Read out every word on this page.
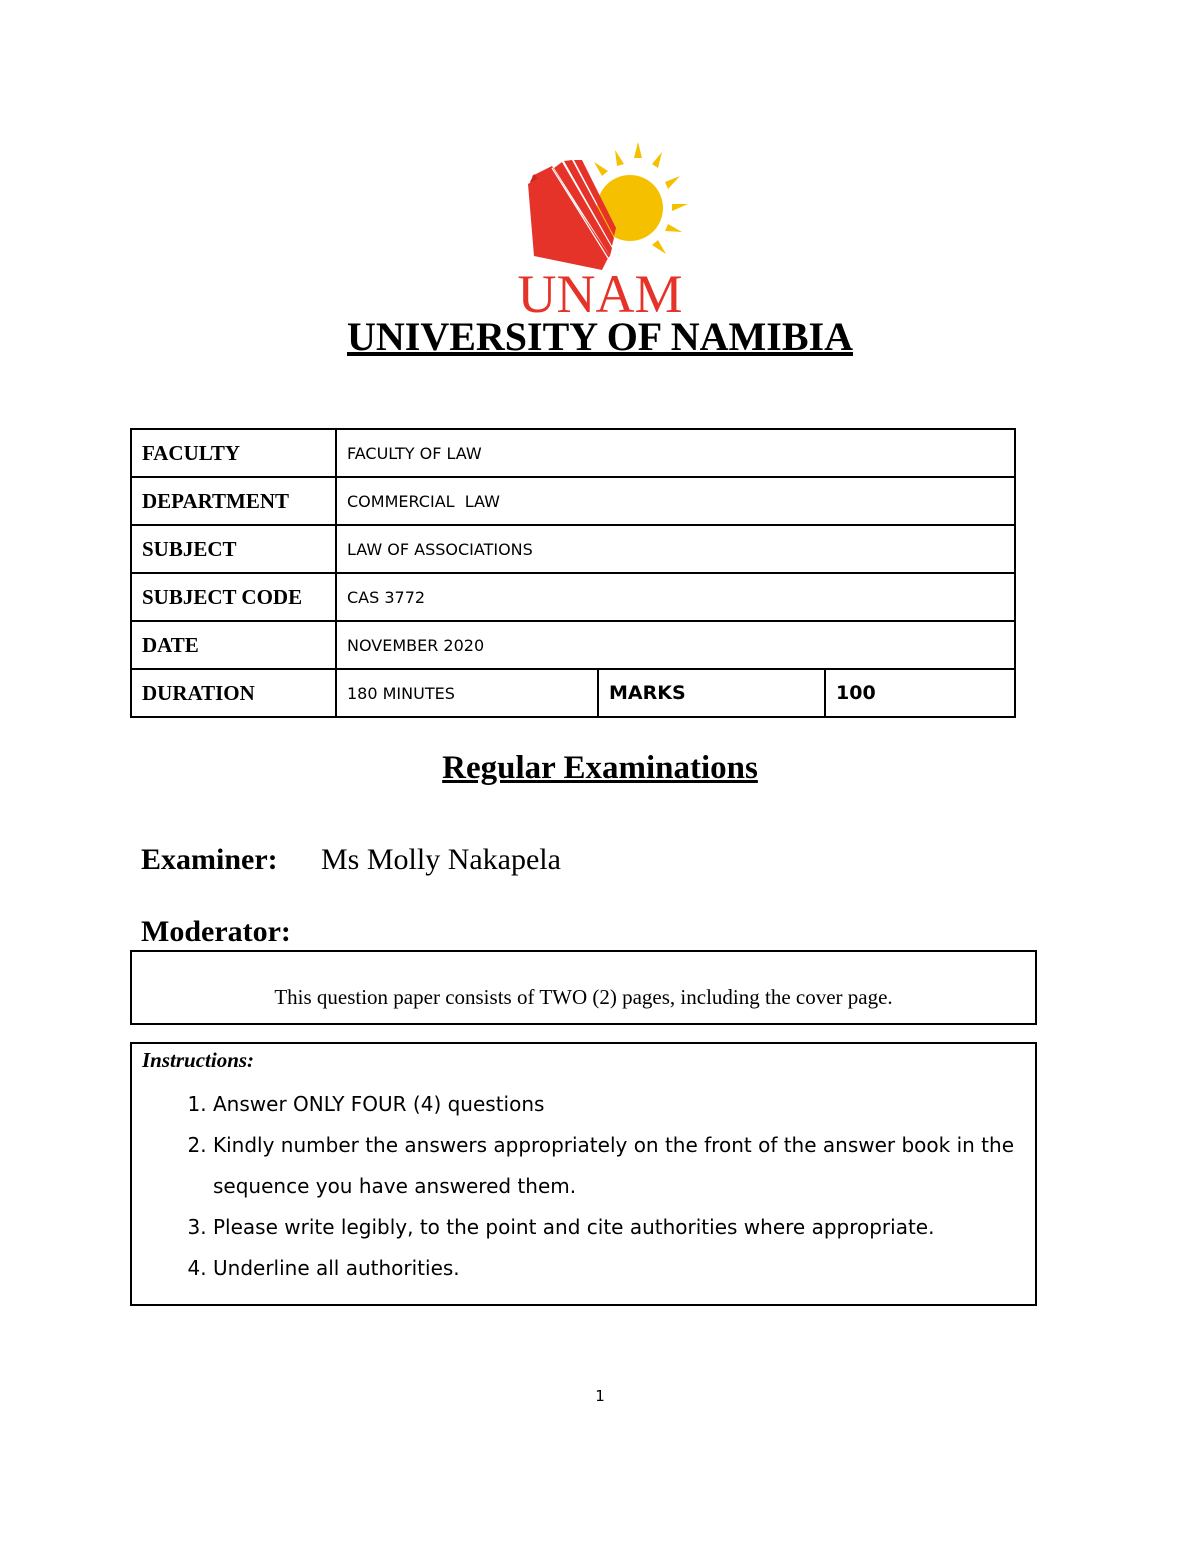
UNAM
UNIVERSITY OF NAMIBIA
FACULTY	FACULTY OF LAW		
DEPARTMENT	COMMERCIAL  LAW		
SUBJECT	LAW OF ASSOCIATIONS		
SUBJECT CODE	CAS 3772		
DATE	NOVEMBER 2020		
DURATION	180 MINUTES	MARKS	100
Regular Examinations
Examiner: Ms Molly Nakapela
Moderator:
This question paper consists of TWO (2) pages, including the cover page.
Instructions:
1. Answer ONLY FOUR (4) questions
2. Kindly number the answers appropriately on the front of the answer book in the sequence you have answered them.
3. Please write legibly, to the point and cite authorities where appropriate.
4. Underline all authorities.
1
